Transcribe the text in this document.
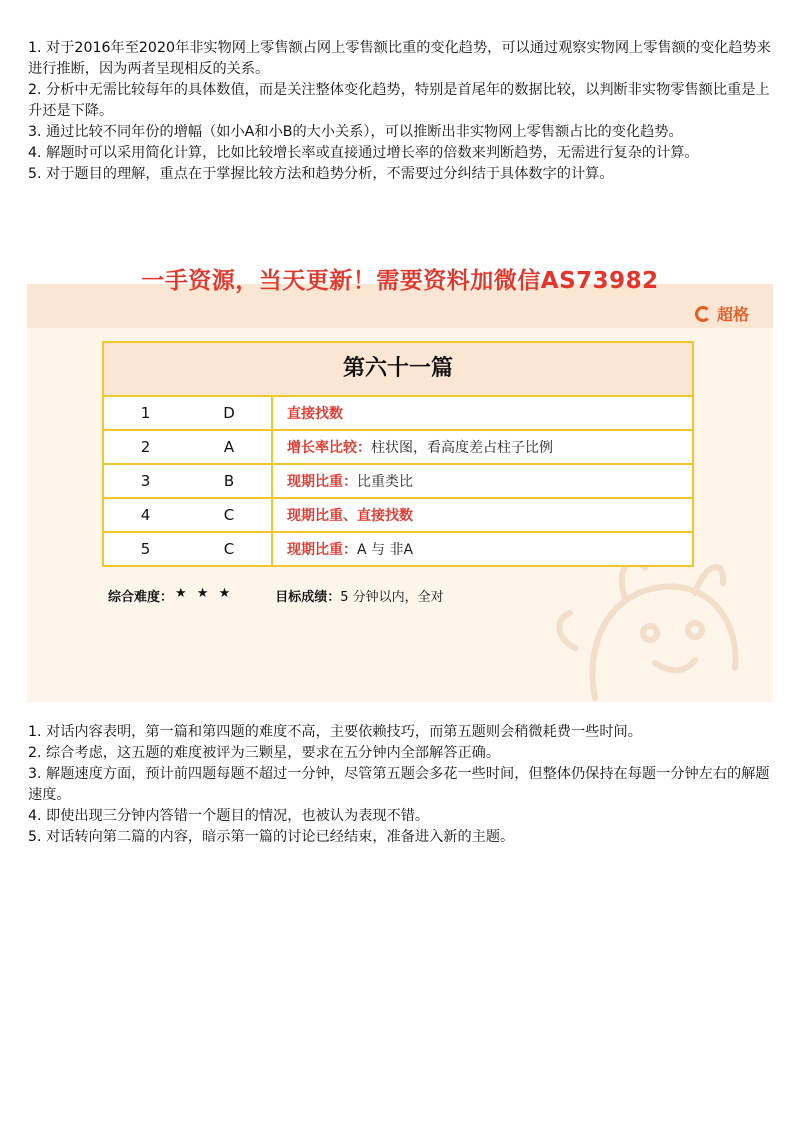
1. 对于2016年至2020年非实物网上零售额占网上零售额比重的变化趋势，可以通过观察实物网上零售额的变化趋势来进行推断，因为两者呈现相反的关系。

2. 分析中无需比较每年的具体数值，而是关注整体变化趋势，特别是首尾年的数据比较，以判断非实物零售额比重是上升还是下降。

3. 通过比较不同年份的增幅（如小A和小B的大小关系），可以推断出非实物网上零售额占比的变化趋势。

4. 解题时可以采用简化计算，比如比较增长率或直接通过增长率的倍数来判断趋势，无需进行复杂的计算。

5. 对于题目的理解，重点在于掌握比较方法和趋势分析，不需要过分纠结于具体数字的计算。

超格
第六十一篇
1	D	直接找数
2	A	增长率比较： 柱状图，看高度差占柱子比例
3	B	现期比重： 比重类比
4	C	现期比重、直接找数
5	C	现期比重： A 与 非A
综合难度： ★ ★ ★	目标成绩： 5 分钟以内，全对
一手资源，当天更新！需要资料加微信AS73982

1. 对话内容表明，第一篇和第四题的难度不高，主要依赖技巧，而第五题则会稍微耗费一些时间。

2. 综合考虑，这五题的难度被评为三颗星，要求在五分钟内全部解答正确。

3. 解题速度方面，预计前四题每题不超过一分钟，尽管第五题会多花一些时间，但整体仍保持在每题一分钟左右的解题速度。

4. 即使出现三分钟内答错一个题目的情况，也被认为表现不错。

5. 对话转向第二篇的内容，暗示第一篇的讨论已经结束，准备进入新的主题。
